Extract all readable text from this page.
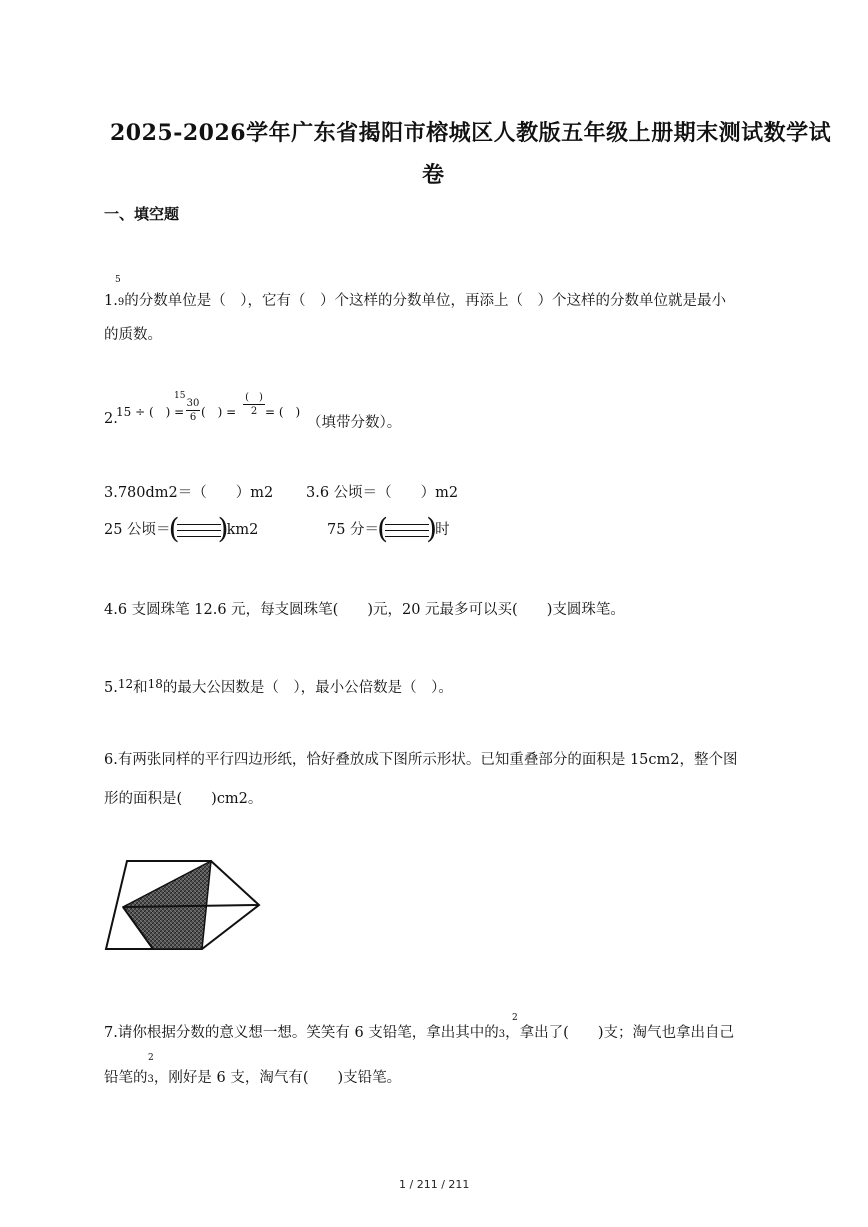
2025-2026学年广东省揭阳市榕城区人教版五年级上册期末测试数学试
卷
一、填空题
5
1.9的分数单位是（　），它有（　）个这样的分数单位，再添上（　）个这样的分数单位就是最小
的质数。
2.
15 ÷ (　) =
15
30
6 (　) =
(　)
2 = (　)
（填带分数）。
3.780dm2＝（　　）m2 3.6 公顷＝（　　）m2
25 公顷＝
( )
km2	75 分＝
( )
时
4.6 支圆珠笔 12.6 元，每支圆珠笔(　　)元，20 元最多可以买(　　)支圆珠笔。
5.12和$^{18}$的最大公因数是（　），最小公倍数是（　）。
6.有两张同样的平行四边形纸，恰好叠放成下图所示形状。已知重叠部分的面积是 15cm2，整个图
形的面积是(　　)cm2。
2
7.请你根据分数的意义想一想。笑笑有 6 支铅笔，拿出其中的3，拿出了(　　)支；淘气也拿出自己
2
铅笔的3，刚好是 6 支，淘气有(　　)支铅笔。
1 / 211 / 211
